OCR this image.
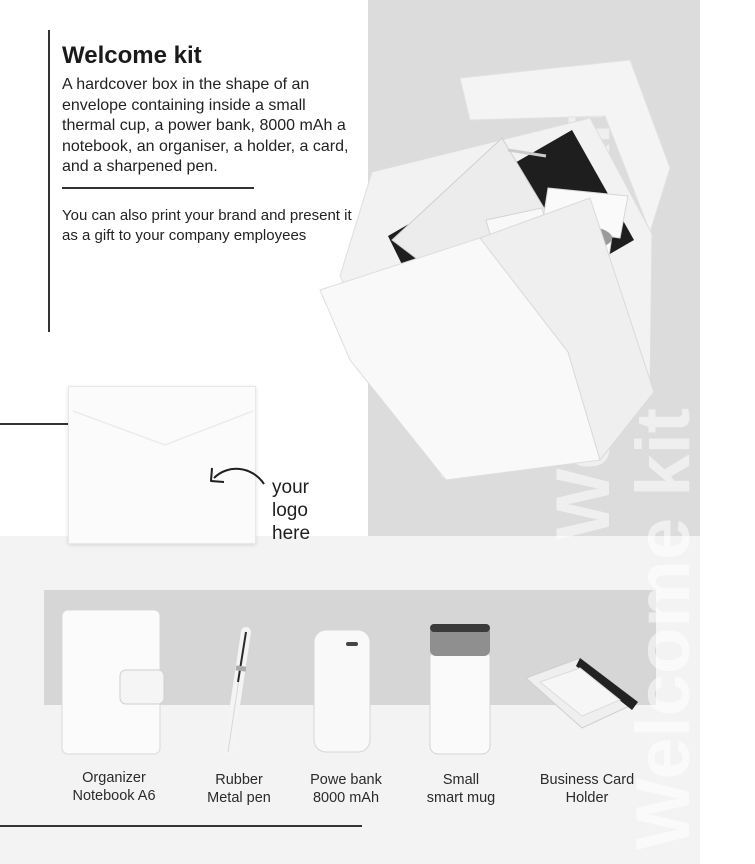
Welcome kit
Welcome kit
Welcome kit

A hardcover box in the shape of an envelope containing inside a small thermal cup, a power bank, 8000 mAh a notebook, an organiser, a holder, a card, and a sharpened pen.

You can also print your brand and present it as a gift to your company employees

your
logo
here
Organizer
Notebook A6
Rubber
Metal pen
Powe bank
8000 mAh
Small
smart mug
Business Card
Holder
